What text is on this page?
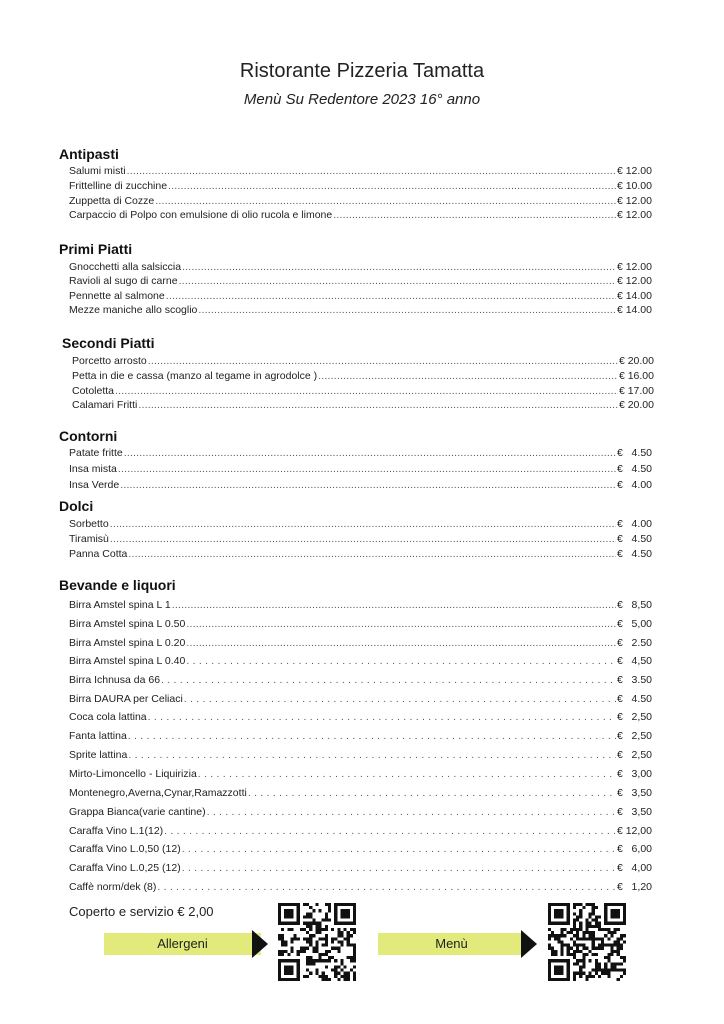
Ristorante Pizzeria Tamatta
Menù Su Redentore 2023 16° anno
Antipasti
Salumi misti .....	€ 12.00
Frittelline di zucchine .....	€ 10.00
Zuppetta di Cozze .....	€ 12.00
Carpaccio di Polpo con emulsione di olio rucola e limone .....	€ 12.00
Primi Piatti
Gnocchetti alla salsiccia .....	€ 12.00
Ravioli al sugo di carne .....	€ 12.00
Pennette al salmone .....	€ 14.00
Mezze maniche allo scoglio .....	€ 14.00
Secondi Piatti
Porcetto arrosto .....	€ 20.00
Petta in die e cassa (manzo al tegame in agrodolce ) .....	€ 16.00
Cotoletta .....	€ 17.00
Calamari Fritti .....	€ 20.00
Contorni
Patate fritte .....	€   4.50
Insa mista .....	€   4.50
Insa Verde .....	€   4.00
Dolci
Sorbetto .....	€   4.00
Tiramisù .....	€   4.50
Panna Cotta .....	€   4.50
Bevande e liquori
Birra Amstel spina L 1 .....	€   8,50
Birra Amstel spina L 0.50 .....	€   5,00
Birra Amstel spina L 0.20 .....	€   2.50
Birra Amstel spina L 0.40 . . .	€   4,50
Birra Ichnusa da 66 . . .	€   3.50
Birra DAURA per Celiaci . . .	€   4.50
Coca cola lattina . . .	€   2,50
Fanta lattina . . .	€   2,50
Sprite lattina . . .	€   2,50
Mirto-Limoncello - Liquirizia . . .	€   3,00
Montenegro,Averna,Cynar,Ramazzotti . . .	€   3,50
Grappa Bianca(varie cantine) . . .	€   3,50
Caraffa Vino L.1(12) . . .	€ 12,00
Caraffa Vino L.0,50 (12) . . .	€   6,00
Caraffa Vino L.0,25 (12) . . .	€   4,00
Caffè norm/dek (8) . . .	€   1,20
Coperto e servizio € 2,00
Allergeni	Menù
